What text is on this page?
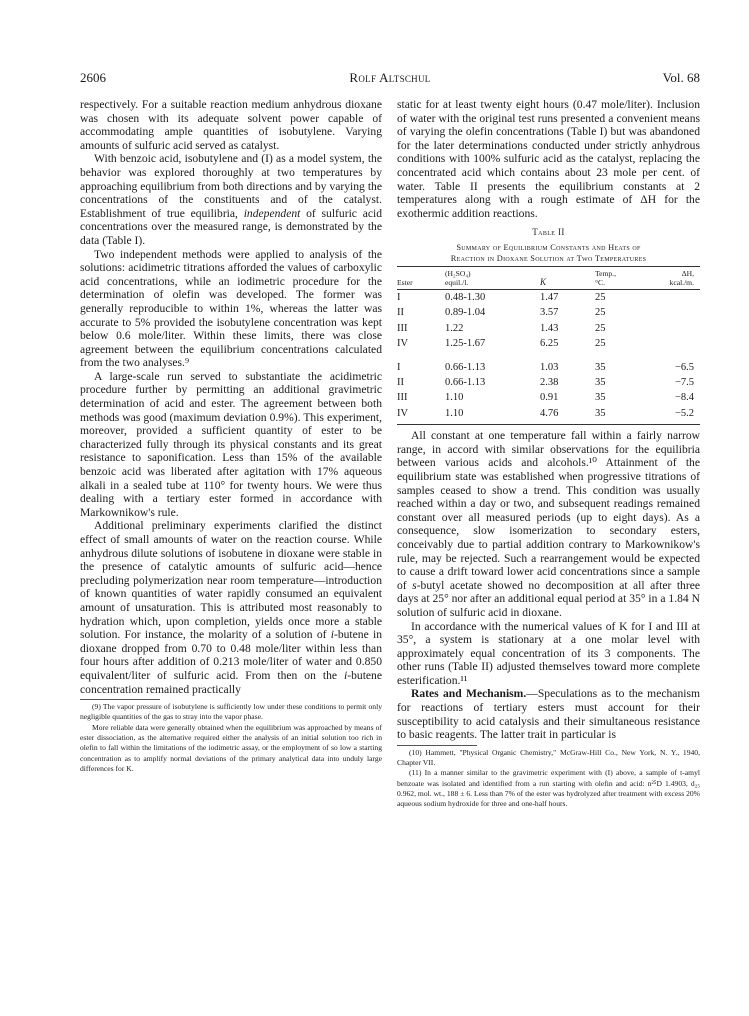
2606	Rolf Altschul	Vol. 68

respectively. For a suitable reaction medium anhydrous dioxane was chosen with its adequate solvent power capable of accommodating ample quantities of isobutylene. Varying amounts of sulfuric acid served as catalyst.

With benzoic acid, isobutylene and (I) as a model system, the behavior was explored thoroughly at two temperatures by approaching equilibrium from both directions and by varying the concentrations of the constituents and of the catalyst. Establishment of true equilibria, independent of sulfuric acid concentrations over the measured range, is demonstrated by the data (Table I).

Two independent methods were applied to analysis of the solutions: acidimetric titrations afforded the values of carboxylic acid concentrations, while an iodimetric procedure for the determination of olefin was developed. The former was generally reproducible to within 1%, whereas the latter was accurate to 5% provided the isobutylene concentration was kept below 0.6 mole/liter. Within these limits, there was close agreement between the equilibrium concentrations calculated from the two analyses.⁹

A large-scale run served to substantiate the acidimetric procedure further by permitting an additional gravimetric determination of acid and ester. The agreement between both methods was good (maximum deviation 0.9%). This experiment, moreover, provided a sufficient quantity of ester to be characterized fully through its physical constants and its great resistance to saponification. Less than 15% of the available benzoic acid was liberated after agitation with 17% aqueous alkali in a sealed tube at 110° for twenty hours. We were thus dealing with a tertiary ester formed in accordance with Markownikow's rule.

Additional preliminary experiments clarified the distinct effect of small amounts of water on the reaction course. While anhydrous dilute solutions of isobutene in dioxane were stable in the presence of catalytic amounts of sulfuric acid—hence precluding polymerization near room temperature—introduction of known quantities of water rapidly consumed an equivalent amount of unsaturation. This is attributed most reasonably to hydration which, upon completion, yields once more a stable solution. For instance, the molarity of a solution of i-butene in dioxane dropped from 0.70 to 0.48 mole/liter within less than four hours after addition of 0.213 mole/liter of water and 0.850 equivalent/liter of sulfuric acid. From then on the i-butene concentration remained practically

(9) The vapor pressure of isobutylene is sufficiently low under these conditions to permit only negligible quantities of the gas to stray into the vapor phase.

More reliable data were generally obtained when the equilibrium was approached by means of ester dissociation, as the alternative required either the analysis of an initial solution too rich in olefin to fall within the limitations of the iodimetric assay, or the employment of so low a starting concentration as to amplify normal deviations of the primary analytical data into unduly large differences for K.

static for at least twenty eight hours (0.47 mole/liter). Inclusion of water with the original test runs presented a convenient means of varying the olefin concentrations (Table I) but was abandoned for the later determinations conducted under strictly anhydrous conditions with 100% sulfuric acid as the catalyst, replacing the concentrated acid which contains about 23 mole per cent. of water. Table II presents the equilibrium constants at 2 temperatures along with a rough estimate of ΔH for the exothermic addition reactions.

Table II
Summary of Equilibrium Constants and Heats of
Reaction in Dioxane Solution at Two Temperatures
Ester	(H₂SO₄)
equil./l.	K	Temp.,
°C.	ΔH,
kcal./m.
I	0.48-1.30	1.47	25	
II	0.89-1.04	3.57	25	
III	1.22	1.43	25	
IV	1.25-1.67	6.25	25	
I	0.66-1.13	1.03	35	−6.5
II	0.66-1.13	2.38	35	−7.5
III	1.10	0.91	35	−8.4
IV	1.10	4.76	35	−5.2

All constant at one temperature fall within a fairly narrow range, in accord with similar observations for the equilibria between various acids and alcohols.¹⁰ Attainment of the equilibrium state was established when progressive titrations of samples ceased to show a trend. This condition was usually reached within a day or two, and subsequent readings remained constant over all measured periods (up to eight days). As a consequence, slow isomerization to secondary esters, conceivably due to partial addition contrary to Markownikow's rule, may be rejected. Such a rearrangement would be expected to cause a drift toward lower acid concentrations since a sample of s-butyl acetate showed no decomposition at all after three days at 25° nor after an additional equal period at 35° in a 1.84 N solution of sulfuric acid in dioxane.

In accordance with the numerical values of K for I and III at 35°, a system is stationary at a one molar level with approximately equal concentration of its 3 components. The other runs (Table II) adjusted themselves toward more complete esterification.¹¹

Rates and Mechanism.—Speculations as to the mechanism for reactions of tertiary esters must account for their susceptibility to acid catalysis and their simultaneous resistance to basic reagents. The latter trait in particular is

(10) Hammett, "Physical Organic Chemistry," McGraw-Hill Co., New York, N. Y., 1940, Chapter VII.

(11) In a manner similar to the gravimetric experiment with (I) above, a sample of t-amyl benzoate was isolated and identified from a run starting with olefin and acid: n²⁵D 1.4903, d₂₅ 0.962, mol. wt., 188 ± 6. Less than 7% of the ester was hydrolyzed after treatment with excess 20% aqueous sodium hydroxide for three and one-half hours.
